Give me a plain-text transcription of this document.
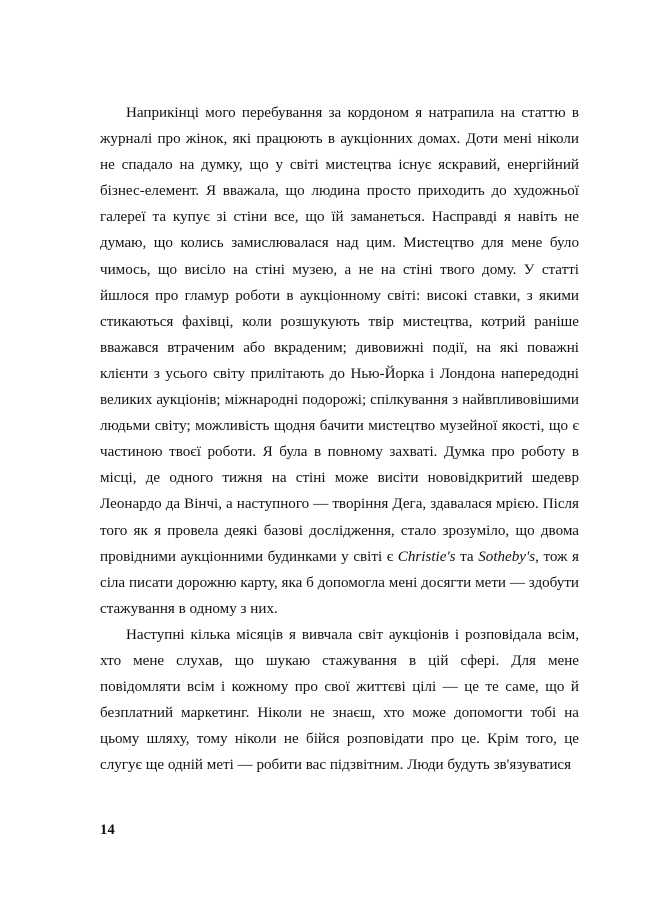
Наприкінці мого перебування за кордоном я натрапила на статтю в журналі про жінок, які працюють в аукціонних домах. Доти мені ніколи не спадало на думку, що у світі мистецтва існує яскравий, енергійний бізнес-елемент. Я вважала, що людина просто приходить до художньої галереї та купує зі стіни все, що їй заманеться. Насправді я навіть не думаю, що колись замислювалася над цим. Мистецтво для мене було чимось, що висіло на стіні музею, а не на стіні твого дому. У статті йшлося про гламур роботи в аукціонному світі: високі ставки, з якими стикаються фахівці, коли розшукують твір мистецтва, котрий раніше вважався втраченим або вкраденим; дивовижні події, на які поважні клієнти з усього світу прилітають до Нью-Йорка і Лондона напередодні великих аукціонів; міжнародні подорожі; спілкування з найвпливовішими людьми світу; можливість щодня бачити мистецтво музейної якості, що є частиною твоєї роботи. Я була в повному захваті. Думка про роботу в місці, де одного тижня на стіні може висіти нововідкритий шедевр Леонардо да Вінчі, а наступного — творіння Дега, здавалася мрією. Після того як я провела деякі базові дослідження, стало зрозуміло, що двома провідними аукціонними будинками у світі є Christie's та Sotheby's, тож я сіла писати дорожню карту, яка б допомогла мені досягти мети — здобути стажування в одному з них.

Наступні кілька місяців я вивчала світ аукціонів і розповідала всім, хто мене слухав, що шукаю стажування в цій сфері. Для мене повідомляти всім і кожному про свої життєві цілі — це те саме, що й безплатний маркетинг. Ніколи не знаєш, хто може допомогти тобі на цьому шляху, тому ніколи не бійся розповідати про це. Крім того, це слугує ще одній меті — робити вас підзвітним. Люди будуть зв'язуватися

14
